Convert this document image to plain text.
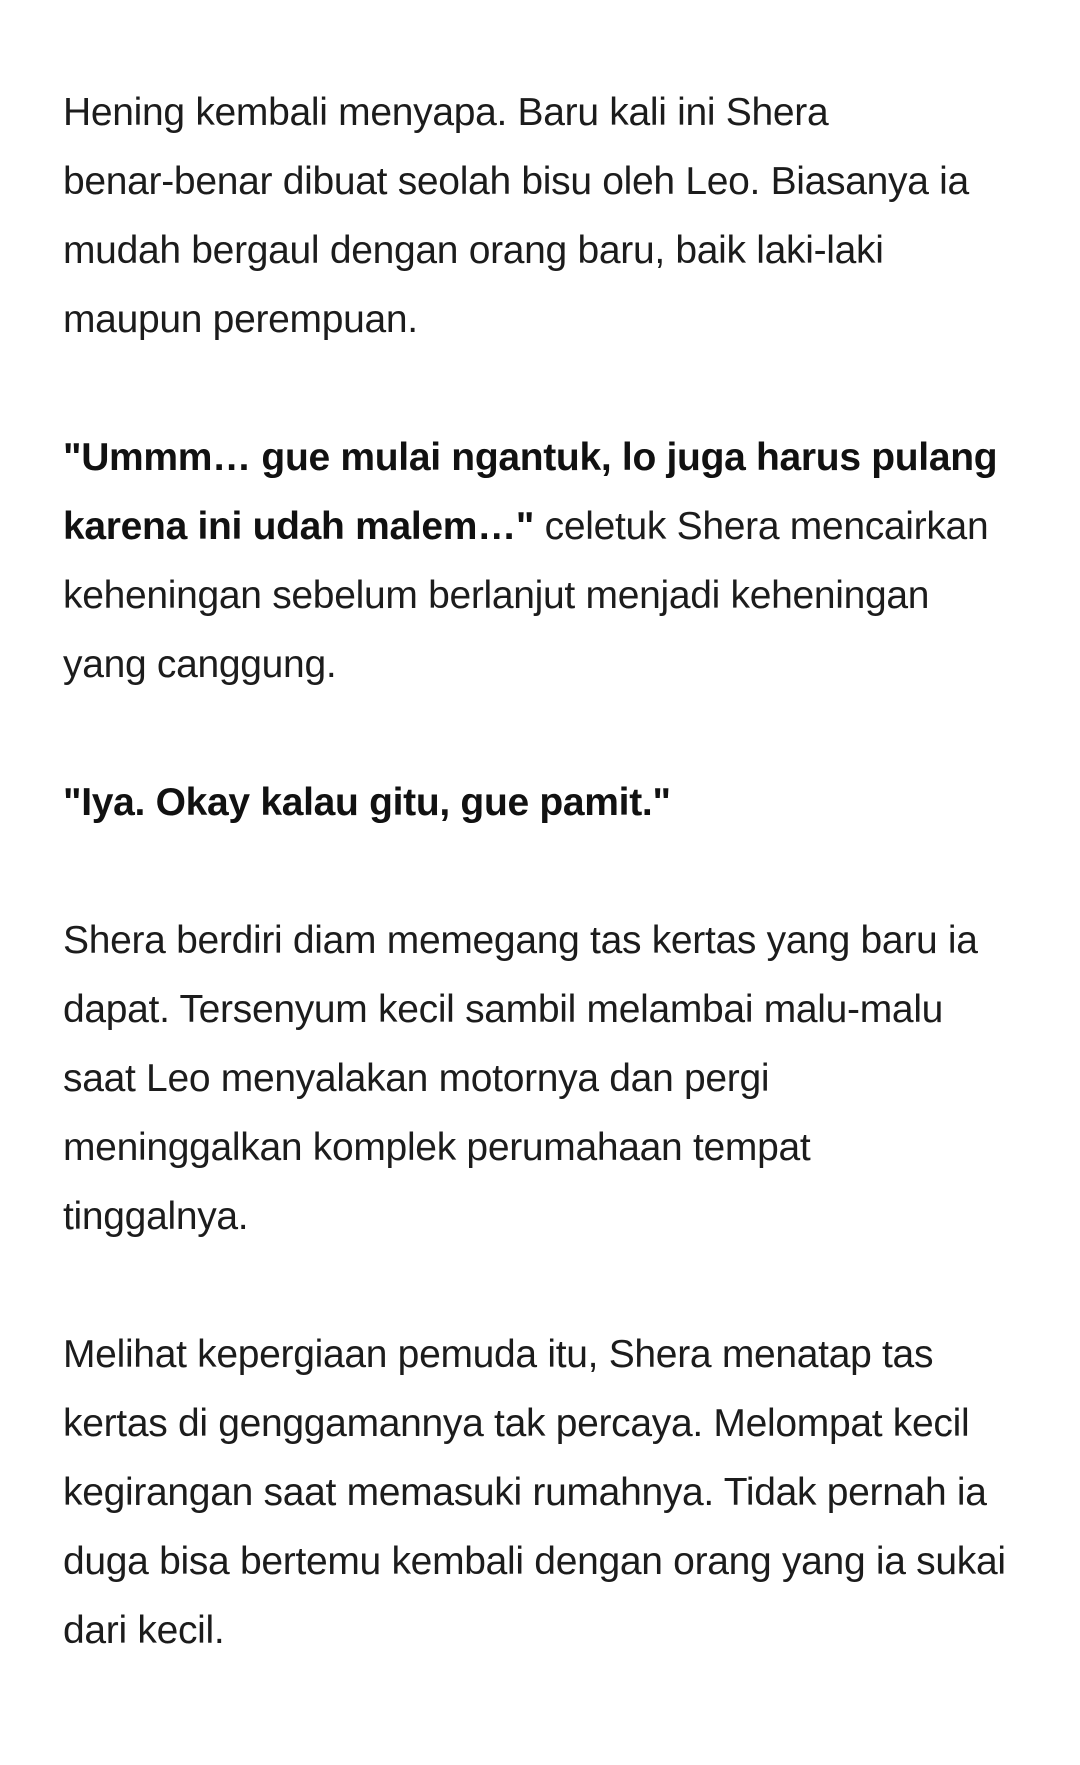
Hening kembali menyapa. Baru kali ini Shera
benar-benar dibuat seolah bisu oleh Leo. Biasanya ia
mudah bergaul dengan orang baru, baik laki-laki
maupun perempuan.

"Ummm… gue mulai ngantuk, lo juga harus pulang
karena ini udah malem…" celetuk Shera mencairkan
keheningan sebelum berlanjut menjadi keheningan
yang canggung.

"Iya. Okay kalau gitu, gue pamit."

Shera berdiri diam memegang tas kertas yang baru ia
dapat. Tersenyum kecil sambil melambai malu-malu
saat Leo menyalakan motornya dan pergi
meninggalkan komplek perumahaan tempat
tinggalnya.

Melihat kepergiaan pemuda itu, Shera menatap tas
kertas di genggamannya tak percaya. Melompat kecil
kegirangan saat memasuki rumahnya. Tidak pernah ia
duga bisa bertemu kembali dengan orang yang ia sukai
dari kecil.
